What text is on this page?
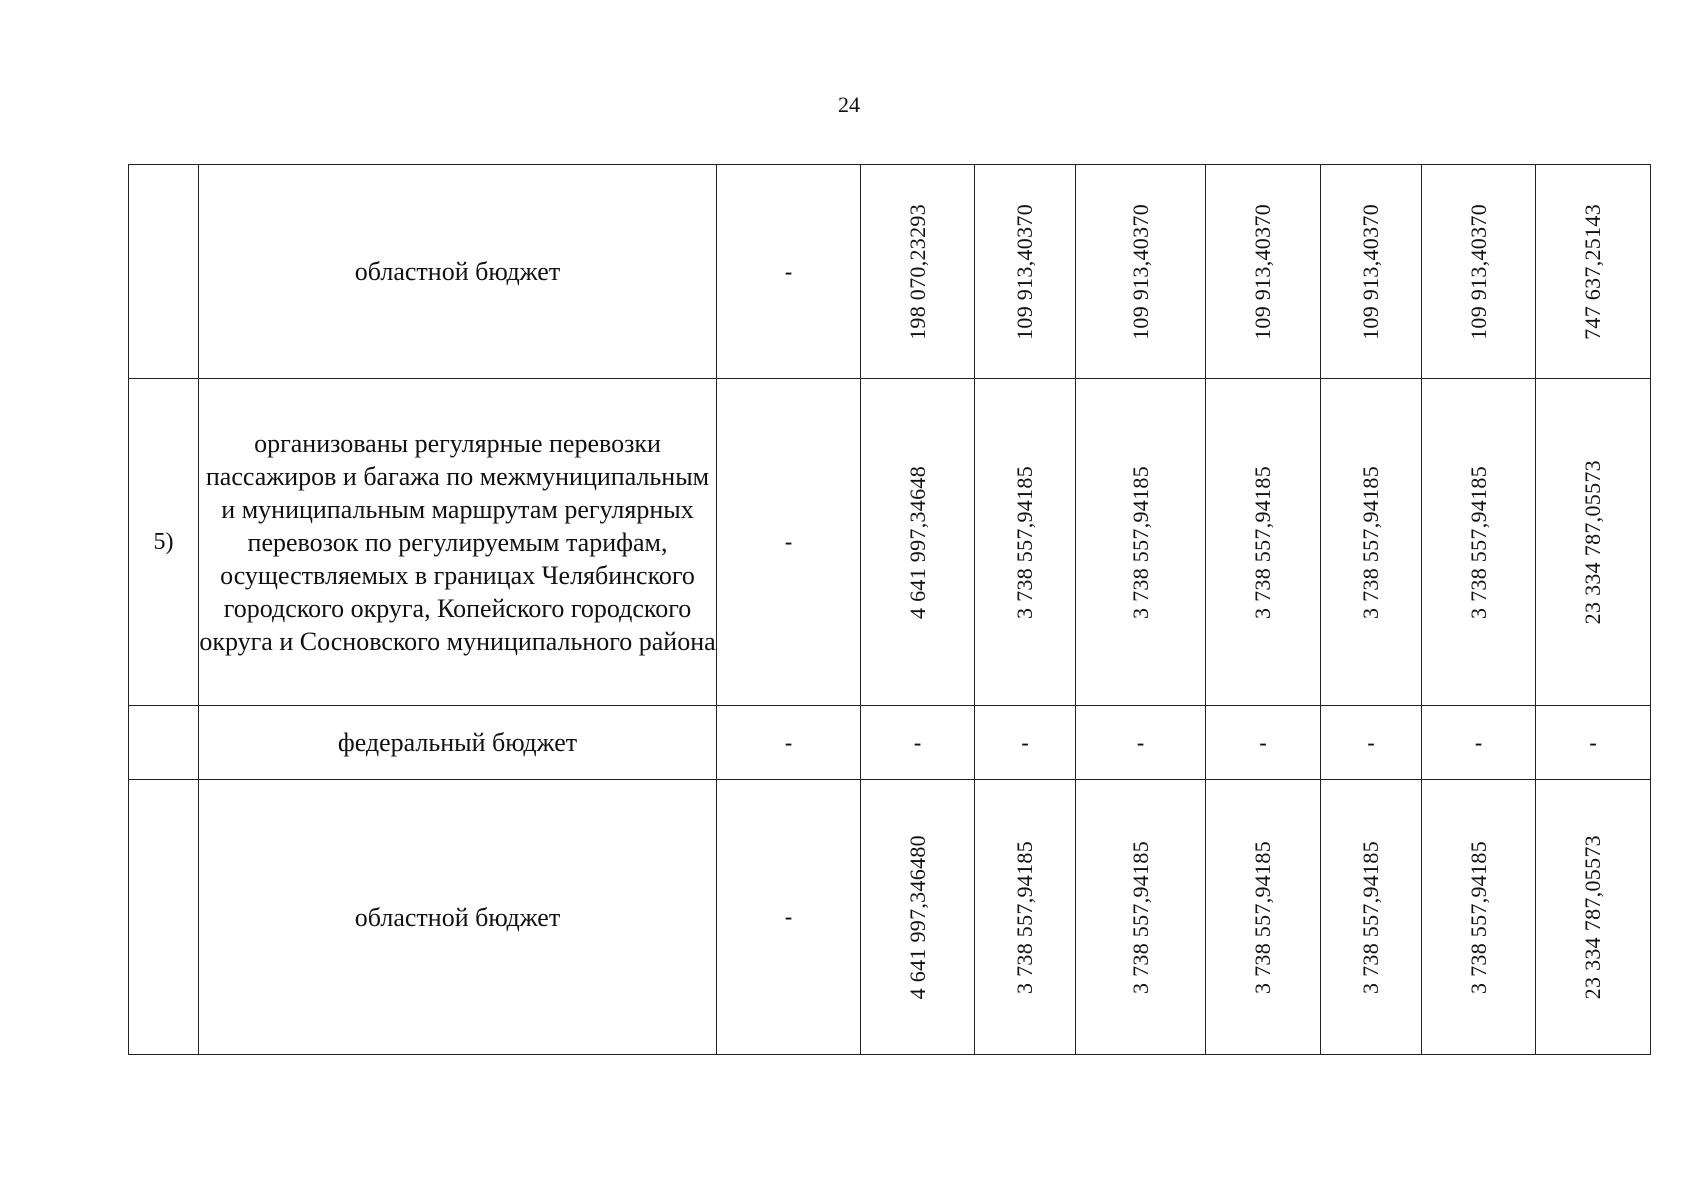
24
	областной бюджет	-	198 070,23293	109 913,40370	109 913,40370	109 913,40370	109 913,40370	109 913,40370	747 637,25143

5)	организованы регулярные перевозки пассажиров и багажа по межмуниципальным и муниципальным маршрутам регулярных перевозок по регулируемым тарифам, осуществляемых в границах Челябинского городского округа, Копейского городского округа и Сосновского муниципального района	-	4 641 997,34648	3 738 557,94185	3 738 557,94185	3 738 557,94185	3 738 557,94185	3 738 557,94185	23 334 787,05573

	федеральный бюджет	-	-	-	-	-	-	-	-
	областной бюджет	-	4 641 997,346480	3 738 557,94185	3 738 557,94185	3 738 557,94185	3 738 557,94185	3 738 557,94185	23 334 787,05573
